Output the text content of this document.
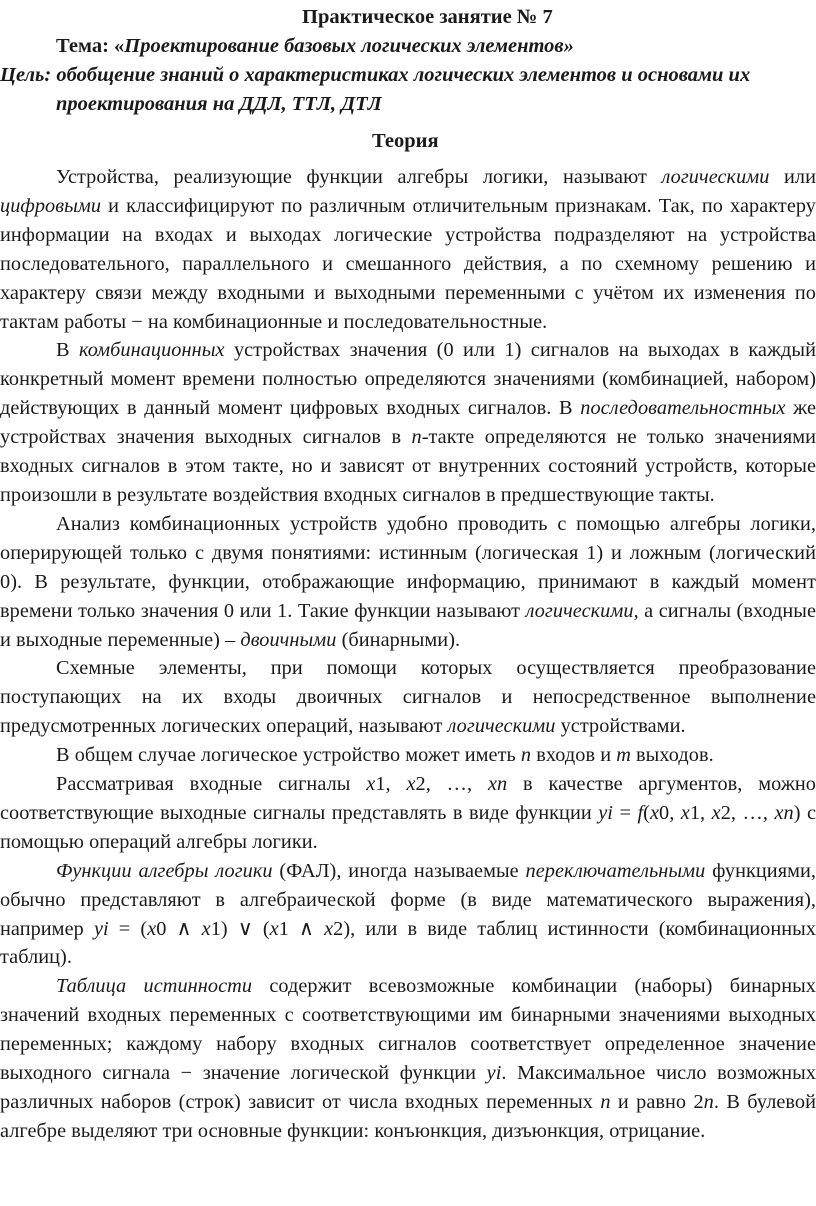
Практическое занятие № 7
Тема: «Проектирование базовых логических элементов»
Цель: обобщение знаний о характеристиках логических элементов и основами их
проектирования на ДДЛ, ТТЛ, ДТЛ
Теория

Устройства, реализующие функции алгебры логики, называют логическими или цифровыми и классифицируют по различным отличительным признакам. Так, по характеру информации на входах и выходах логические устройства подразделяют на устройства последовательного, параллельного и смешанного действия, а по схемному решению и характеру связи между входными и выходными переменными с учётом их изменения по тактам работы − на комбинационные и последовательностные.

В комбинационных устройствах значения (0 или 1) сигналов на выходах в каждый конкретный момент времени полностью определяются значениями (комбинацией, набором) действующих в данный момент цифровых входных сигналов. В последовательностных же устройствах значения выходных сигналов в n-такте определяются не только значениями входных сигналов в этом такте, но и зависят от внутренних состояний устройств, которые произошли в результате воздействия входных сигналов в предшествующие такты.

Анализ комбинационных устройств удобно проводить с помощью алгебры логики, оперирующей только с двумя понятиями: истинным (логическая 1) и ложным (логический 0). В результате, функции, отображающие информацию, принимают в каждый момент времени только значения 0 или 1. Такие функции называют логическими, а сигналы (входные и выходные переменные) – двоичными (бинарными).

Схемные элементы, при помощи которых осуществляется преобразование поступающих на их входы двоичных сигналов и непосредственное выполнение предусмотренных логических операций, называют логическими устройствами.

В общем случае логическое устройство может иметь n входов и m выходов.

Рассматривая входные сигналы x1, x2, …, xn в качестве аргументов, можно соответствующие выходные сигналы представлять в виде функции yi = f(x0, x1, x2, …, xn) с помощью операций алгебры логики.

Функции алгебры логики (ФАЛ), иногда называемые переключательными функциями, обычно представляют в алгебраической форме (в виде математического выражения), например yi = (x0 ∧ x1) ∨ (x1 ∧ x2), или в виде таблиц истинности (комбинационных таблиц).

Таблица истинности содержит всевозможные комбинации (наборы) бинарных значений входных переменных с соответствующими им бинарными значениями выходных переменных; каждому набору входных сигналов соответствует определенное значение выходного сигнала − значение логической функции yi. Максимальное число возможных различных наборов (строк) зависит от числа входных переменных n и равно 2n. В булевой алгебре выделяют три основные функции: конъюнкция, дизъюнкция, отрицание.
